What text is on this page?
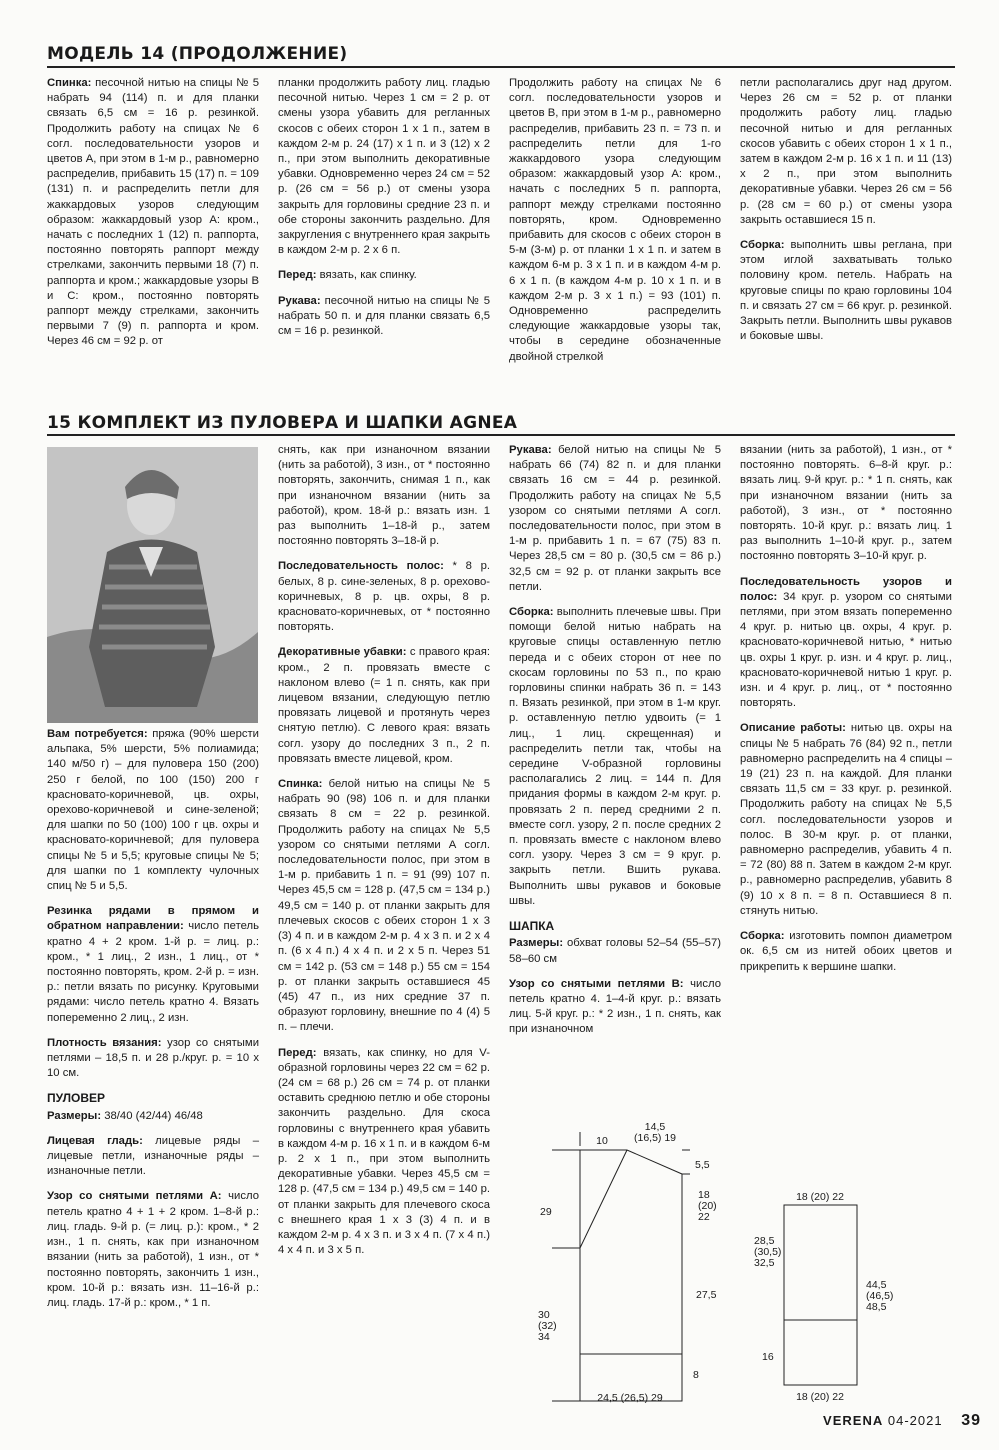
МОДЕЛЬ 14 (ПРОДОЛЖЕНИЕ)

Спинка: песочной нитью на спицы № 5 набрать 94 (114) п. и для планки связать 6,5 см = 16 р. резинкой. Продолжить работу на спицах № 6 согл. последовательности узоров и цветов А, при этом в 1-м р., равномерно распределив, прибавить 15 (17) п. = 109 (131) п. и распределить петли для жаккардовых узоров следующим образом: жаккардовый узор А: кром., начать с последних 1 (12) п. раппорта, постоянно повторять раппорт между стрелками, закончить первыми 18 (7) п. раппорта и кром.; жаккардовые узоры В и С: кром., постоянно повторять раппорт между стрелками, закончить первыми 7 (9) п. раппорта и кром. Через 46 см = 92 р. от

планки продолжить работу лиц. гладью песочной нитью. Через 1 см = 2 р. от смены узора убавить для регланных скосов с обеих сторон 1 х 1 п., затем в каждом 2-м р. 24 (17) х 1 п. и 3 (12) х 2 п., при этом выполнить декоративные убавки. Одновременно через 24 см = 52 р. (26 см = 56 р.) от смены узора закрыть для горловины средние 23 п. и обе стороны закончить раздельно. Для закругления с внутреннего края закрыть в каждом 2-м р. 2 х 6 п.

Перед: вязать, как спинку.

Рукава: песочной нитью на спицы № 5 набрать 50 п. и для планки связать 6,5 см = 16 р. резинкой.

Продолжить работу на спицах № 6 согл. последовательности узоров и цветов В, при этом в 1-м р., равномерно распределив, прибавить 23 п. = 73 п. и распределить петли для 1-го жаккардового узора следующим образом: жаккардовый узор А: кром., начать с последних 5 п. раппорта, раппорт между стрелками постоянно повторять, кром. Одновременно прибавить для скосов с обеих сторон в 5-м (3-м) р. от планки 1 х 1 п. и затем в каждом 6-м р. 3 х 1 п. и в каждом 4-м р. 6 х 1 п. (в каждом 4-м р. 10 х 1 п. и в каждом 2-м р. 3 х 1 п.) = 93 (101) п. Одновременно распределить следующие жаккардовые узоры так, чтобы в середине обозначенные двойной стрелкой

петли располагались друг над другом. Через 26 см = 52 р. от планки продолжить работу лиц. гладью песочной нитью и для регланных скосов убавить с обеих сторон 1 х 1 п., затем в каждом 2-м р. 16 х 1 п. и 11 (13) х 2 п., при этом выполнить декоративные убавки. Через 26 см = 56 р. (28 см = 60 р.) от смены узора закрыть оставшиеся 15 п.

Сборка: выполнить швы реглана, при этом иглой захватывать только половину кром. петель. Набрать на круговые спицы по краю горловины 104 п. и связать 27 см = 66 круг. р. резинкой. Закрыть петли. Выполнить швы рукавов и боковые швы.

15 КОМПЛЕКТ ИЗ ПУЛОВЕРА И ШАПКИ AGNEA

Вам потребуется: пряжа (90% шерсти альпака, 5% шерсти, 5% полиамида; 140 м/50 г) – для пуловера 150 (200) 250 г белой, по 100 (150) 200 г красновато-коричневой, цв. охры, орехово-коричневой и сине-зеленой; для шапки по 50 (100) 100 г цв. охры и красновато-коричневой; для пуловера спицы № 5 и 5,5; круговые спицы № 5; для шапки по 1 комплекту чулочных спиц № 5 и 5,5.

Резинка рядами в прямом и обратном направлении: число петель кратно 4 + 2 кром. 1-й р. = лиц. р.: кром., * 1 лиц., 2 изн., 1 лиц., от * постоянно повторять, кром. 2-й р. = изн. р.: петли вязать по рисунку. Круговыми рядами: число петель кратно 4. Вязать попеременно 2 лиц., 2 изн.

Плотность вязания: узор со снятыми петлями – 18,5 п. и 28 р./круг. р. = 10 х 10 см.

ПУЛОВЕР

Размеры: 38/40 (42/44) 46/48

Лицевая гладь: лицевые ряды – лицевые петли, изнаночные ряды – изнаночные петли.

Узор со снятыми петлями А: число петель кратно 4 + 1 + 2 кром. 1–8-й р.: лиц. гладь. 9-й р. (= лиц. р.): кром., * 2 изн., 1 п. снять, как при изнаночном вязании (нить за работой), 1 изн., от * постоянно повторять, закончить 1 изн., кром. 10-й р.: вязать изн. 11–16-й р.: лиц. гладь. 17-й р.: кром., * 1 п.

снять, как при изнаночном вязании (нить за работой), 3 изн., от * постоянно повторять, закончить, снимая 1 п., как при изнаночном вязании (нить за работой), кром. 18-й р.: вязать изн. 1 раз выполнить 1–18-й р., затем постоянно повторять 3–18-й р.

Последовательность полос: * 8 р. белых, 8 р. сине-зеленых, 8 р. орехово-коричневых, 8 р. цв. охры, 8 р. красновато-коричневых, от * постоянно повторять.

Декоративные убавки: с правого края: кром., 2 п. провязать вместе с наклоном влево (= 1 п. снять, как при лицевом вязании, следующую петлю провязать лицевой и протянуть через снятую петлю). С левого края: вязать согл. узору до последних 3 п., 2 п. провязать вместе лицевой, кром.

Спинка: белой нитью на спицы № 5 набрать 90 (98) 106 п. и для планки связать 8 см = 22 р. резинкой. Продолжить работу на спицах № 5,5 узором со снятыми петлями А согл. последовательности полос, при этом в 1-м р. прибавить 1 п. = 91 (99) 107 п. Через 45,5 см = 128 р. (47,5 см = 134 р.) 49,5 см = 140 р. от планки закрыть для плечевых скосов с обеих сторон 1 х 3 (3) 4 п. и в каждом 2-м р. 4 х 3 п. и 2 х 4 п. (6 х 4 п.) 4 х 4 п. и 2 х 5 п. Через 51 см = 142 р. (53 см = 148 р.) 55 см = 154 р. от планки закрыть оставшиеся 45 (45) 47 п., из них средние 37 п. образуют горловину, внешние по 4 (4) 5 п. – плечи.

Перед: вязать, как спинку, но для V-образной горловины через 22 см = 62 р. (24 см = 68 р.) 26 см = 74 р. от планки оставить среднюю петлю и обе стороны закончить раздельно. Для скоса горловины с внутреннего края убавить в каждом 4-м р. 16 х 1 п. и в каждом 6-м р. 2 х 1 п., при этом выполнить декоративные убавки. Через 45,5 см = 128 р. (47,5 см = 134 р.) 49,5 см = 140 р. от планки закрыть для плечевого скоса с внешнего края 1 х 3 (3) 4 п. и в каждом 2-м р. 4 х 3 п. и 3 х 4 п. (7 х 4 п.) 4 х 4 п. и 3 х 5 п.

Рукава: белой нитью на спицы № 5 набрать 66 (74) 82 п. и для планки связать 16 см = 44 р. резинкой. Продолжить работу на спицах № 5,5 узором со снятыми петлями А согл. последовательности полос, при этом в 1-м р. прибавить 1 п. = 67 (75) 83 п. Через 28,5 см = 80 р. (30,5 см = 86 р.) 32,5 см = 92 р. от планки закрыть все петли.

Сборка: выполнить плечевые швы. При помощи белой нитью набрать на круговые спицы оставленную петлю переда и с обеих сторон от нее по скосам горловины по 53 п., по краю горловины спинки набрать 36 п. = 143 п. Вязать резинкой, при этом в 1-м круг. р. оставленную петлю удвоить (= 1 лиц., 1 лиц. скрещенная) и распределить петли так, чтобы на середине V-образной горловины располагались 2 лиц. = 144 п. Для придания формы в каждом 2-м круг. р. провязать 2 п. перед средними 2 п. вместе согл. узору, 2 п. после средних 2 п. провязать вместе с наклоном влево согл. узору. Через 3 см = 9 круг. р. закрыть петли. Вшить рукава. Выполнить швы рукавов и боковые швы.

ШАПКА

Размеры: обхват головы 52–54 (55–57) 58–60 см

Узор со снятыми петлями В: число петель кратно 4. 1–4-й круг. р.: вязать лиц. 5-й круг. р.: * 2 изн., 1 п. снять, как при изнаночном

вязании (нить за работой), 1 изн., от * постоянно повторять. 6–8-й круг. р.: вязать лиц. 9-й круг. р.: * 1 п. снять, как при изнаночном вязании (нить за работой), 3 изн., от * постоянно повторять. 10-й круг. р.: вязать лиц. 1 раз выполнить 1–10-й круг. р., затем постоянно повторять 3–10-й круг. р.

Последовательность узоров и полос: 34 круг. р. узором со снятыми петлями, при этом вязать попеременно 4 круг. р. нитью цв. охры, 4 круг. р. красновато-коричневой нитью, * нитью цв. охры 1 круг. р. изн. и 4 круг. р. лиц., красновато-коричневой нитью 1 круг. р. изн. и 4 круг. р. лиц., от * постоянно повторять.

Описание работы: нитью цв. охры на спицы № 5 набрать 76 (84) 92 п., петли равномерно распределить на 4 спицы – 19 (21) 23 п. на каждой. Для планки связать 11,5 см = 33 круг. р. резинкой. Продолжить работу на спицах № 5,5 согл. последовательности узоров и полос. В 30-м круг. р. от планки, равномерно распределив, убавить 4 п. = 72 (80) 88 п. Затем в каждом 2-м круг. р., равномерно распределив, убавить 8 (9) 10 х 8 п. = 8 п. Оставшиеся 8 п. стянуть нитью.

Сборка: изготовить помпон диаметром ок. 6,5 см из нитей обоих цветов и прикрепить к вершине шапки.

10
14,5 (16,5) 19
5,5
18 (20) 22
27,5
8
29
30 (32) 34
24,5 (26,5) 29
18 (20) 22
28,5 (30,5) 32,5
16
44,5 (46,5) 48,5
18 (20) 22
VERENA 04-2021 39
